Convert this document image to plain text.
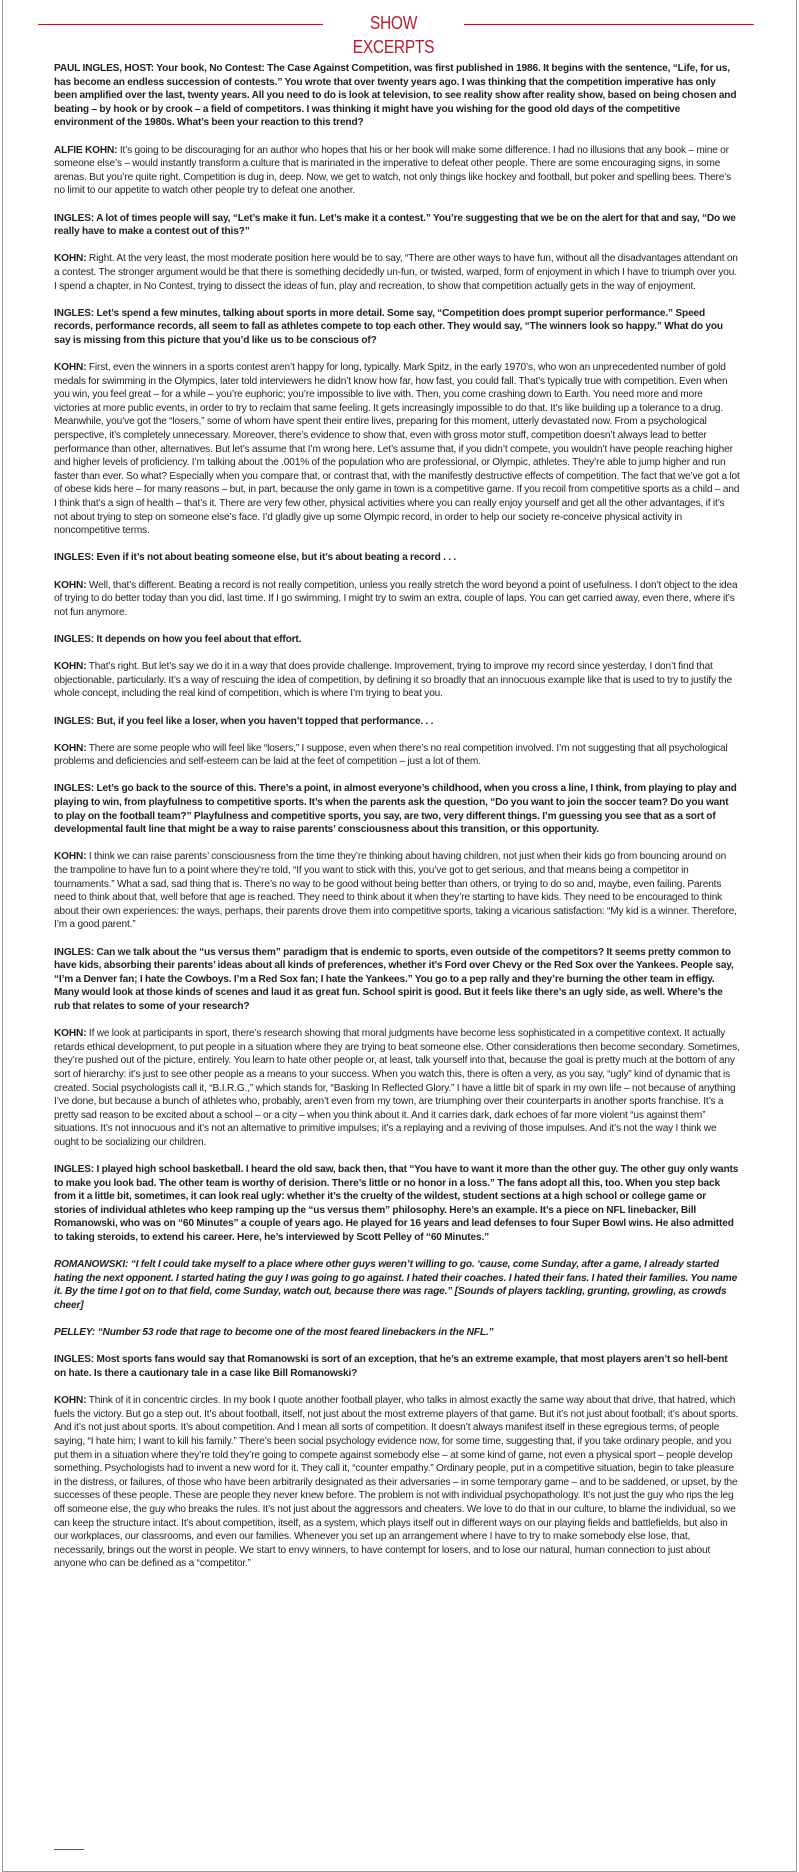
SHOW EXCERPTS

PAUL INGLES, HOST: Your book, No Contest: The Case Against Competition, was first published in 1986. It begins with the sentence, “Life, for us, has become an endless succession of contests.” You wrote that over twenty years ago. I was thinking that the competition imperative has only been amplified over the last, twenty years. All you need to do is look at television, to see reality show after reality show, based on being chosen and beating – by hook or by crook – a field of competitors. I was thinking it might have you wishing for the good old days of the competitive environment of the 1980s. What’s been your reaction to this trend?

ALFIE KOHN: It’s going to be discouraging for an author who hopes that his or her book will make some difference. I had no illusions that any book – mine or someone else’s – would instantly transform a culture that is marinated in the imperative to defeat other people. There are some encouraging signs, in some arenas. But you’re quite right. Competition is dug in, deep. Now, we get to watch, not only things like hockey and football, but poker and spelling bees. There’s no limit to our appetite to watch other people try to defeat one another.

INGLES: A lot of times people will say, “Let’s make it fun. Let’s make it a contest.” You’re suggesting that we be on the alert for that and say, “Do we really have to make a contest out of this?”

KOHN: Right. At the very least, the most moderate position here would be to say, “There are other ways to have fun, without all the disadvantages attendant on a contest. The stronger argument would be that there is something decidedly un-fun, or twisted, warped, form of enjoyment in which I have to triumph over you. I spend a chapter, in No Contest, trying to dissect the ideas of fun, play and recreation, to show that competition actually gets in the way of enjoyment.

INGLES: Let’s spend a few minutes, talking about sports in more detail. Some say, “Competition does prompt superior performance.” Speed records, performance records, all seem to fall as athletes compete to top each other. They would say, “The winners look so happy.” What do you say is missing from this picture that you’d like us to be conscious of?

KOHN: First, even the winners in a sports contest aren’t happy for long, typically. Mark Spitz, in the early 1970’s, who won an unprecedented number of gold medals for swimming in the Olympics, later told interviewers he didn’t know how far, how fast, you could fall. That’s typically true with competition. Even when you win, you feel great – for a while – you’re euphoric; you’re impossible to live with. Then, you come crashing down to Earth. You need more and more victories at more public events, in order to try to reclaim that same feeling. It gets increasingly impossible to do that. It’s like building up a tolerance to a drug. Meanwhile, you’ve got the “losers,” some of whom have spent their entire lives, preparing for this moment, utterly devastated now. From a psychological perspective, it’s completely unnecessary. Moreover, there’s evidence to show that, even with gross motor stuff, competition doesn’t always lead to better performance than other, alternatives. But let’s assume that I’m wrong here. Let’s assume that, if you didn’t compete, you wouldn’t have people reaching higher and higher levels of proficiency. I’m talking about the .001% of the population who are professional, or Olympic, athletes. They’re able to jump higher and run faster than ever. So what? Especially when you compare that, or contrast that, with the manifestly destructive effects of competition. The fact that we’ve got a lot of obese kids here – for many reasons – but, in part, because the only game in town is a competitive game. If you recoil from competitive sports as a child – and I think that’s a sign of health – that’s it. There are very few other, physical activities where you can really enjoy yourself and get all the other advantages, if it’s not about trying to step on someone else’s face. I’d gladly give up some Olympic record, in order to help our society re-conceive physical activity in noncompetitive terms.

INGLES: Even if it’s not about beating someone else, but it’s about beating a record . . .

KOHN: Well, that’s different. Beating a record is not really competition, unless you really stretch the word beyond a point of usefulness. I don’t object to the idea of trying to do better today than you did, last time. If I go swimming, I might try to swim an extra, couple of laps. You can get carried away, even there, where it’s not fun anymore.

INGLES: It depends on how you feel about that effort.

KOHN: That’s right. But let’s say we do it in a way that does provide challenge. Improvement, trying to improve my record since yesterday, I don’t find that objectionable, particularly. It’s a way of rescuing the idea of competition, by defining it so broadly that an innocuous example like that is used to try to justify the whole concept, including the real kind of competition, which is where I’m trying to beat you.

INGLES: But, if you feel like a loser, when you haven’t topped that performance. . .

KOHN: There are some people who will feel like “losers,” I suppose, even when there’s no real competition involved. I’m not suggesting that all psychological problems and deficiencies and self-esteem can be laid at the feet of competition – just a lot of them.

INGLES: Let’s go back to the source of this. There’s a point, in almost everyone’s childhood, when you cross a line, I think, from playing to play and playing to win, from playfulness to competitive sports. It’s when the parents ask the question, “Do you want to join the soccer team? Do you want to play on the football team?” Playfulness and competitive sports, you say, are two, very different things. I’m guessing you see that as a sort of developmental fault line that might be a way to raise parents’ consciousness about this transition, or this opportunity.

KOHN: I think we can raise parents’ consciousness from the time they’re thinking about having children, not just when their kids go from bouncing around on the trampoline to have fun to a point where they’re told, “If you want to stick with this, you’ve got to get serious, and that means being a competitor in tournaments.” What a sad, sad thing that is. There’s no way to be good without being better than others, or trying to do so and, maybe, even failing. Parents need to think about that, well before that age is reached. They need to think about it when they’re starting to have kids. They need to be encouraged to think about their own experiences: the ways, perhaps, their parents drove them into competitive sports, taking a vicarious satisfaction: “My kid is a winner. Therefore, I’m a good parent.”

INGLES: Can we talk about the “us versus them” paradigm that is endemic to sports, even outside of the competitors? It seems pretty common to have kids, absorbing their parents’ ideas about all kinds of preferences, whether it’s Ford over Chevy or the Red Sox over the Yankees. People say, “I’m a Denver fan; I hate the Cowboys. I’m a Red Sox fan; I hate the Yankees.” You go to a pep rally and they’re burning the other team in effigy. Many would look at those kinds of scenes and laud it as great fun. School spirit is good. But it feels like there’s an ugly side, as well. Where’s the rub that relates to some of your research?

KOHN: If we look at participants in sport, there’s research showing that moral judgments have become less sophisticated in a competitive context. It actually retards ethical development, to put people in a situation where they are trying to beat someone else. Other considerations then become secondary. Sometimes, they’re pushed out of the picture, entirely. You learn to hate other people or, at least, talk yourself into that, because the goal is pretty much at the bottom of any sort of hierarchy: it’s just to see other people as a means to your success. When you watch this, there is often a very, as you say, “ugly” kind of dynamic that is created. Social psychologists call it, “B.I.R.G.,” which stands for, “Basking In Reflected Glory.” I have a little bit of spark in my own life – not because of anything I’ve done, but because a bunch of athletes who, probably, aren’t even from my town, are triumphing over their counterparts in another sports franchise. It’s a pretty sad reason to be excited about a school – or a city – when you think about it. And it carries dark, dark echoes of far more violent “us against them” situations. It’s not innocuous and it’s not an alternative to primitive impulses; it’s a replaying and a reviving of those impulses. And it’s not the way I think we ought to be socializing our children.

INGLES: I played high school basketball. I heard the old saw, back then, that “You have to want it more than the other guy. The other guy only wants to make you look bad. The other team is worthy of derision. There’s little or no honor in a loss.” The fans adopt all this, too. When you step back from it a little bit, sometimes, it can look real ugly: whether it’s the cruelty of the wildest, student sections at a high school or college game or stories of individual athletes who keep ramping up the “us versus them” philosophy. Here’s an example. It’s a piece on NFL linebacker, Bill Romanowski, who was on “60 Minutes” a couple of years ago. He played for 16 years and lead defenses to four Super Bowl wins. He also admitted to taking steroids, to extend his career. Here, he’s interviewed by Scott Pelley of “60 Minutes.”

ROMANOWSKI: “I felt I could take myself to a place where other guys weren’t willing to go. ‘cause, come Sunday, after a game, I already started hating the next opponent. I started hating the guy I was going to go against. I hated their coaches. I hated their fans. I hated their families. You name it. By the time I got on to that field, come Sunday, watch out, because there was rage.” [Sounds of players tackling, grunting, growling, as crowds cheer]

PELLEY: “Number 53 rode that rage to become one of the most feared linebackers in the NFL.”

INGLES: Most sports fans would say that Romanowski is sort of an exception, that he’s an extreme example, that most players aren’t so hell-bent on hate. Is there a cautionary tale in a case like Bill Romanowski?

KOHN: Think of it in concentric circles. In my book I quote another football player, who talks in almost exactly the same way about that drive, that hatred, which fuels the victory. But go a step out. It’s about football, itself, not just about the most extreme players of that game. But it’s not just about football; it’s about sports. And it’s not just about sports. It’s about competition. And I mean all sorts of competition. It doesn’t always manifest itself in these egregious terms, of people saying, “I hate him; I want to kill his family.” There’s been social psychology evidence now, for some time, suggesting that, if you take ordinary people, and you put them in a situation where they’re told they’re going to compete against somebody else – at some kind of game, not even a physical sport – people develop something. Psychologists had to invent a new word for it. They call it, “counter empathy.” Ordinary people, put in a competitive situation, begin to take pleasure in the distress, or failures, of those who have been arbitrarily designated as their adversaries – in some temporary game – and to be saddened, or upset, by the successes of these people. These are people they never knew before. The problem is not with individual psychopathology. It’s not just the guy who rips the leg off someone else, the guy who breaks the rules. It’s not just about the aggressors and cheaters. We love to do that in our culture, to blame the individual, so we can keep the structure intact. It’s about competition, itself, as a system, which plays itself out in different ways on our playing fields and battlefields, but also in our workplaces, our classrooms, and even our families. Whenever you set up an arrangement where I have to try to make somebody else lose, that, necessarily, brings out the worst in people. We start to envy winners, to have contempt for losers, and to lose our natural, human connection to just about anyone who can be defined as a “competitor.”
